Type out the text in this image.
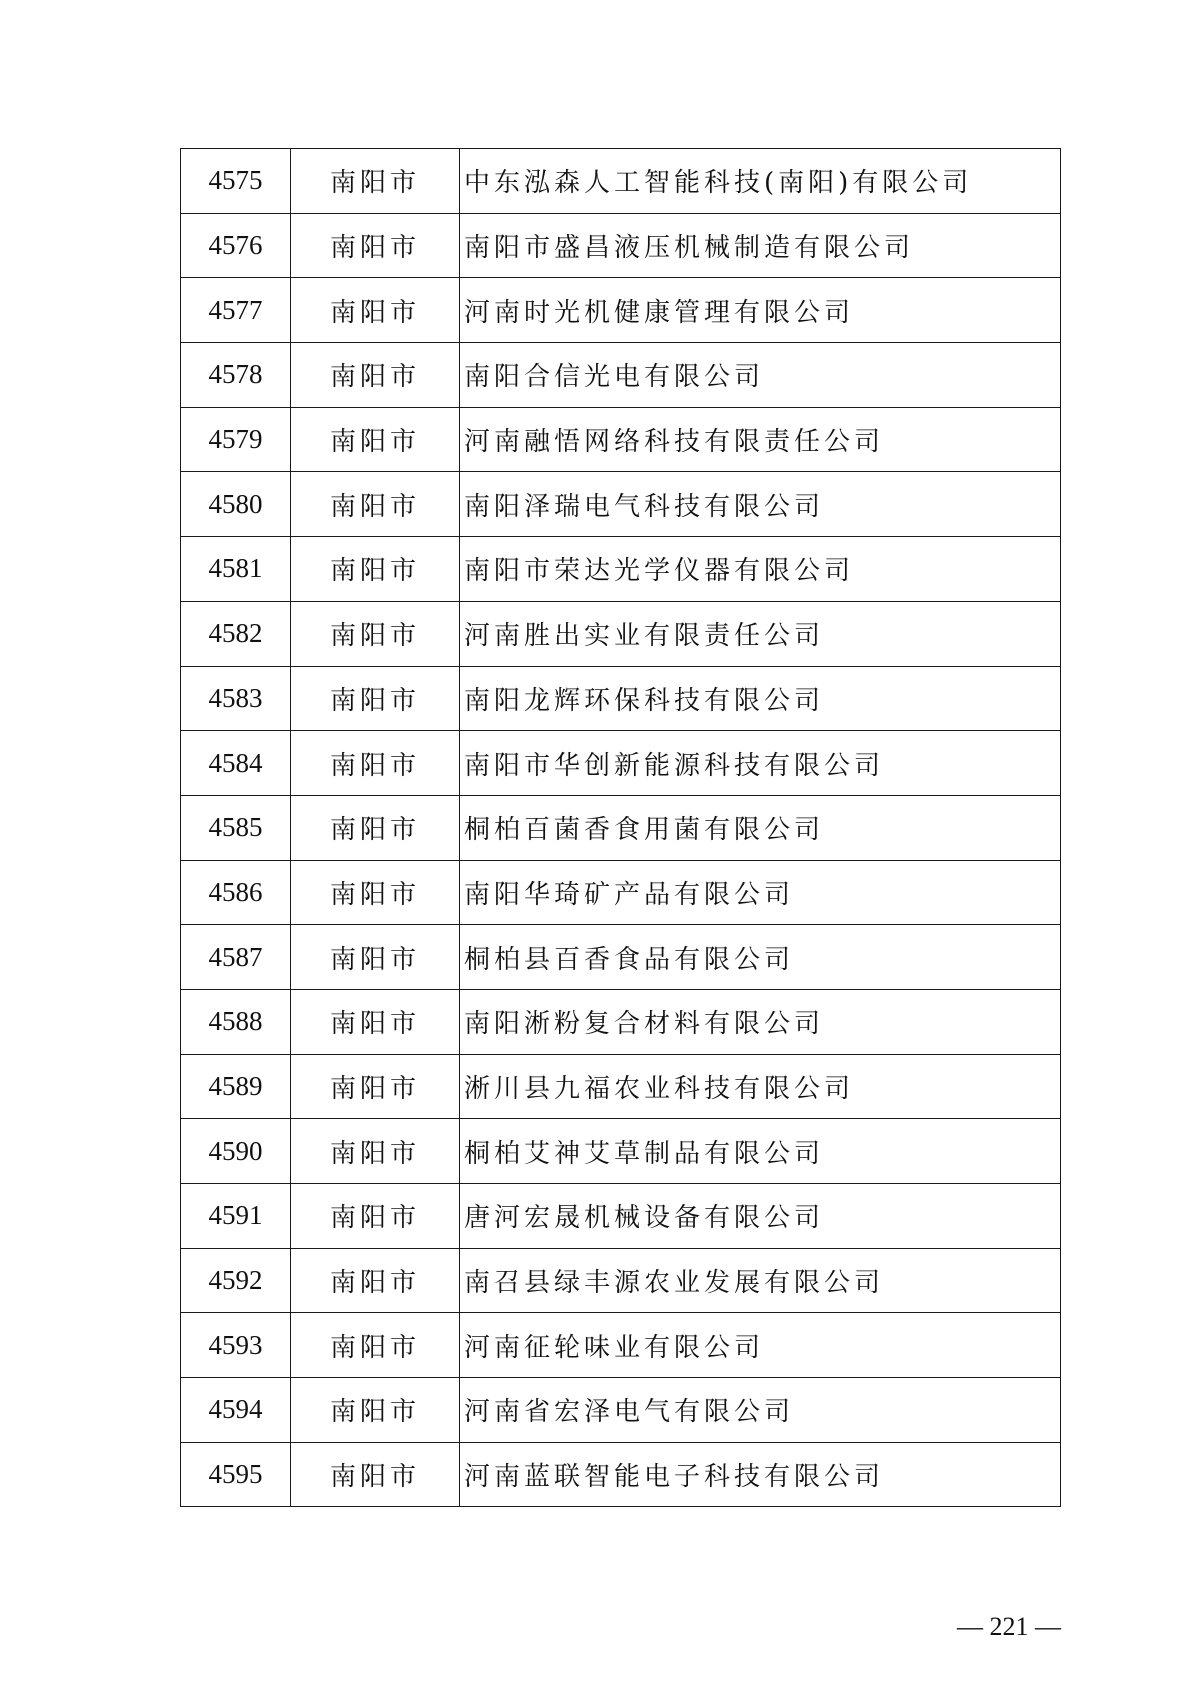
4575	南阳市	中东泓森人工智能科技(南阳)有限公司
4576	南阳市	南阳市盛昌液压机械制造有限公司
4577	南阳市	河南时光机健康管理有限公司
4578	南阳市	南阳合信光电有限公司
4579	南阳市	河南融悟网络科技有限责任公司
4580	南阳市	南阳泽瑞电气科技有限公司
4581	南阳市	南阳市荣达光学仪器有限公司
4582	南阳市	河南胜出实业有限责任公司
4583	南阳市	南阳龙辉环保科技有限公司
4584	南阳市	南阳市华创新能源科技有限公司
4585	南阳市	桐柏百菌香食用菌有限公司
4586	南阳市	南阳华琦矿产品有限公司
4587	南阳市	桐柏县百香食品有限公司
4588	南阳市	南阳淅粉复合材料有限公司
4589	南阳市	淅川县九福农业科技有限公司
4590	南阳市	桐柏艾神艾草制品有限公司
4591	南阳市	唐河宏晟机械设备有限公司
4592	南阳市	南召县绿丰源农业发展有限公司
4593	南阳市	河南征轮味业有限公司
4594	南阳市	河南省宏泽电气有限公司
4595	南阳市	河南蓝联智能电子科技有限公司
— 221 —
